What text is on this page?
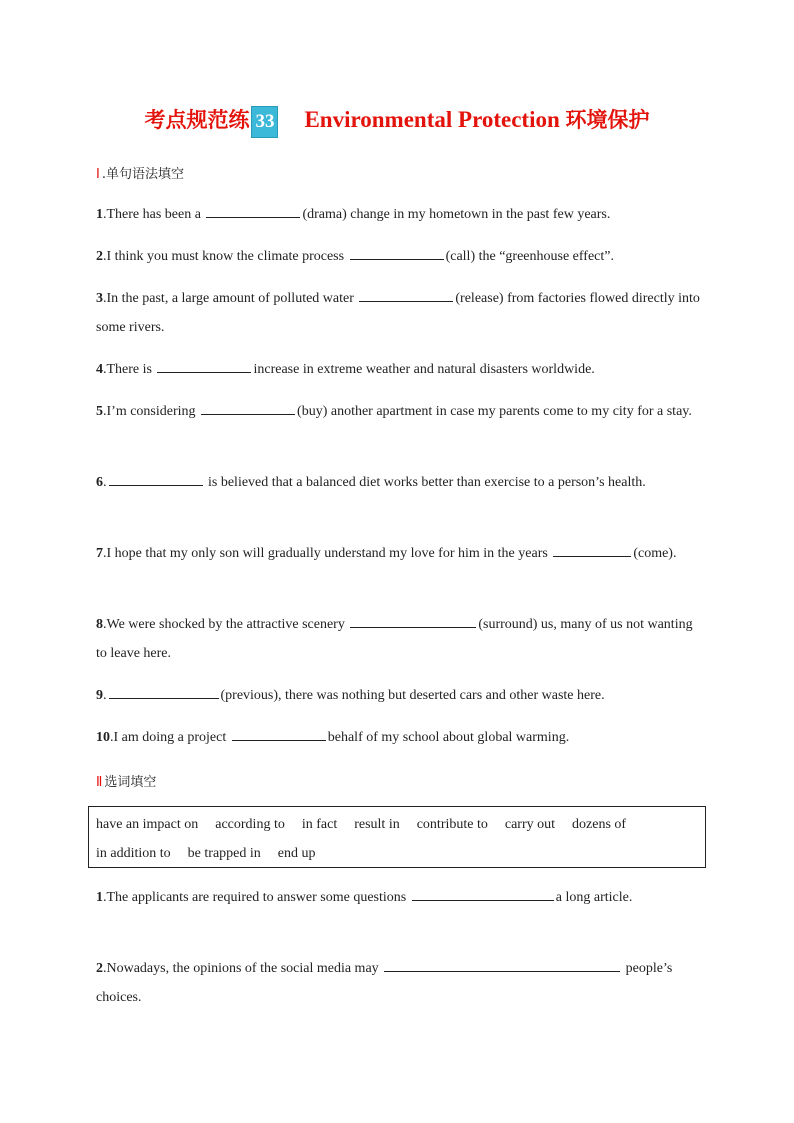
考点规范练 33 Environmental Protection 环境保护
Ⅰ .单句语法填空
1.There has been a	(drama) change in my hometown in the past few years.
2.I think you must know the climate process	(call) the “greenhouse effect”.
3.In the past, a large amount of polluted water	(release) from factories flowed directly into some rivers.
4.There is	increase in extreme weather and natural disasters worldwide.
5.I’m considering	(buy) another apartment in case my parents come to my city for a stay.
6.	is believed that a balanced diet works better than exercise to a person’s health.
7.I hope that my only son will gradually understand my love for him in the years	(come).
8.We were shocked by the attractive scenery	(surround) us, many of us not wanting to leave here.
9.	(previous), there was nothing but deserted cars and other waste here.
10.I am doing a project	behalf of my school about global warming.
Ⅱ 选词填空
have an impact on according to in fact result in contribute to carry out dozens of
in addition to be trapped in end up
1.The applicants are required to answer some questions	a long article.
2.Nowadays, the opinions of the social media may	people’s choices.
